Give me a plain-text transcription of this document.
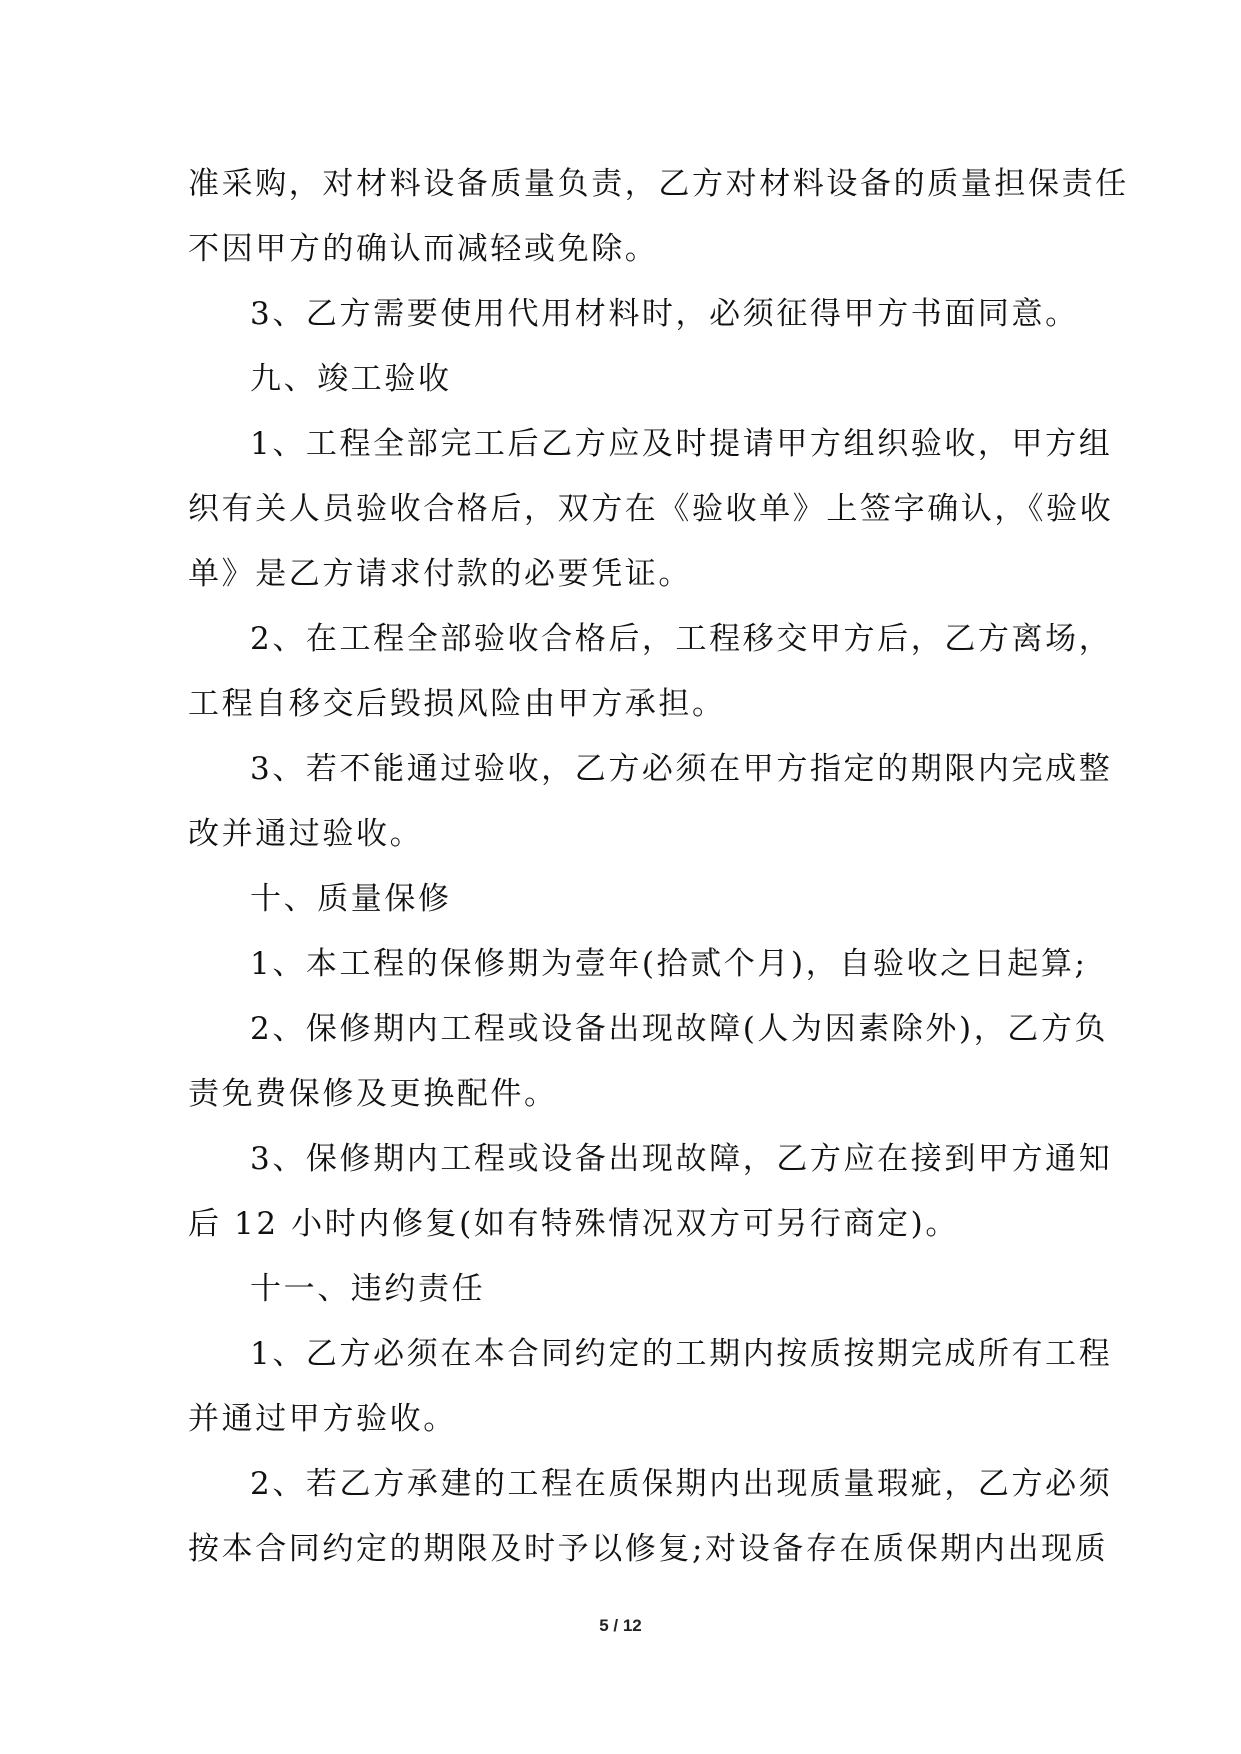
准采购，对材料设备质量负责，乙方对材料设备的质量担保责任
不因甲方的确认而减轻或免除。
3、乙方需要使用代用材料时，必须征得甲方书面同意。
九、竣工验收
1、工程全部完工后乙方应及时提请甲方组织验收，甲方组
织有关人员验收合格后，双方在《验收单》上签字确认，《验收
单》是乙方请求付款的必要凭证。
2、在工程全部验收合格后，工程移交甲方后，乙方离场，
工程自移交后毁损风险由甲方承担。
3、若不能通过验收，乙方必须在甲方指定的期限内完成整
改并通过验收。
十、质量保修
1、本工程的保修期为壹年(拾贰个月)，自验收之日起算;
2、保修期内工程或设备出现故障(人为因素除外)，乙方负
责免费保修及更换配件。
3、保修期内工程或设备出现故障，乙方应在接到甲方通知
后 12 小时内修复(如有特殊情况双方可另行商定)。
十一、违约责任
1、乙方必须在本合同约定的工期内按质按期完成所有工程
并通过甲方验收。
2、若乙方承建的工程在质保期内出现质量瑕疵，乙方必须
按本合同约定的期限及时予以修复;对设备存在质保期内出现质
5 / 12
